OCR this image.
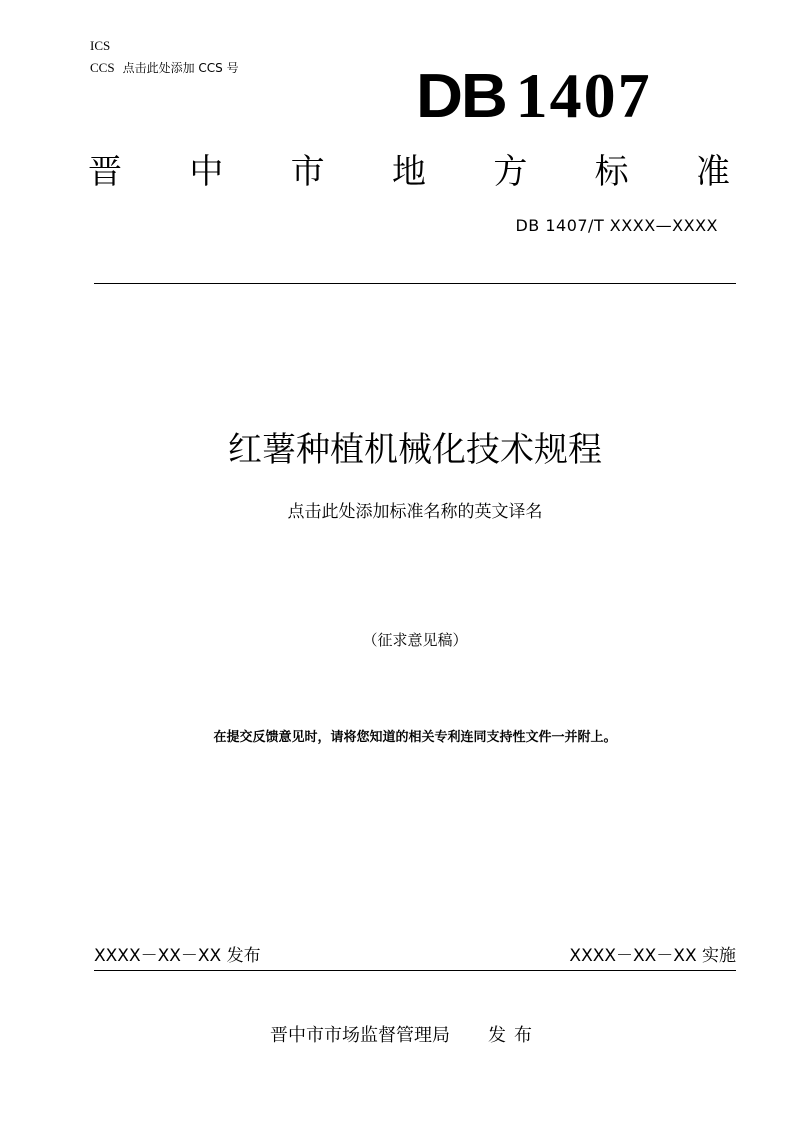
ICS
CCS 点击此处添加 CCS 号	DB 1407
晋 中 市 地 方 标 准
DB 1407/T XXXX—XXXX
红薯种植机械化技术规程
点击此处添加标准名称的英文译名
（征求意见稿）
在提交反馈意见时，请将您知道的相关专利连同支持性文件一并附上。
XXXX－XX－XX 发布	XXXX－XX－XX 实施
晋中市市场监督管理局 发布
